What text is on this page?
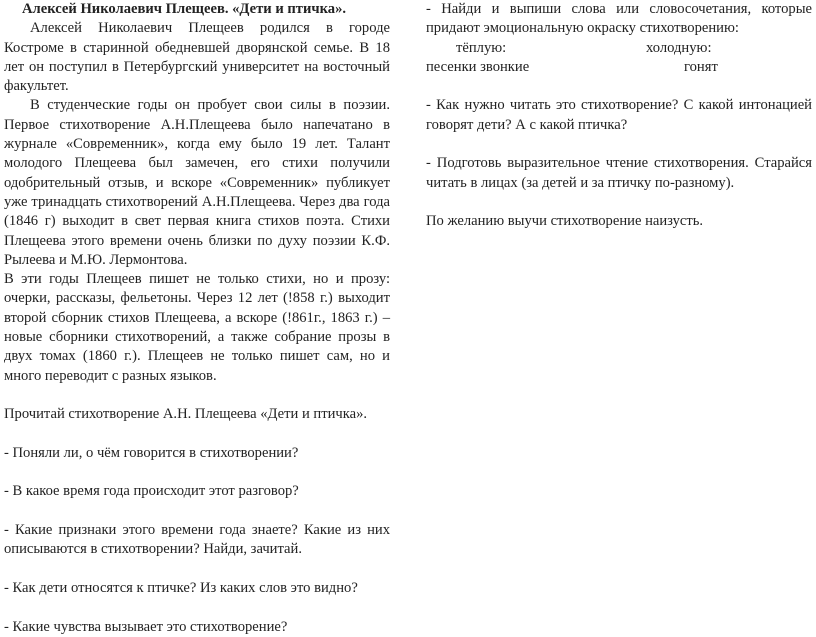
Алексей Николаевич Плещеев. «Дети и птичка».

Алексей Николаевич Плещеев родился в городе Костроме в старинной обедневшей дворянской семье. В 18 лет он поступил в Петербургский университет на восточный факультет.

В студенческие годы он пробует свои силы в поэзии. Первое стихотворение А.Н.Плещеева было напечатано в журнале «Современник», когда ему было 19 лет. Талант молодого Плещеева был замечен, его стихи получили одобрительный отзыв, и вскоре «Современник» публикует уже тринадцать стихотворений А.Н.Плещеева. Через два года (1846 г) выходит в свет первая книга стихов поэта. Стихи Плещеева этого времени очень близки по духу поэзии К.Ф. Рылеева и М.Ю. Лермонтова.

В эти годы Плещеев пишет не только стихи, но и прозу: очерки, рассказы, фельетоны. Через 12 лет (!858 г.) выходит второй сборник стихов Плещеева, а вскоре (!861г., 1863 г.) – новые сборники стихотворений, а также собрание прозы в двух томах (1860 г.). Плещеев не только пишет сам, но и много переводит с разных языков.

Прочитай стихотворение А.Н. Плещеева «Дети и птичка».

- Поняли ли, о чём говорится в стихотворении?

- В какое время года происходит этот разговор?

- Какие признаки этого времени года знаете? Какие из них описываются в стихотворении? Найди, зачитай.

- Как дети относятся к птичке? Из каких слов это видно?

- Какие чувства вызывает это стихотворение?

- Найди и выпиши слова или словосочетания, которые придают эмоциональную окраску стихотворению:

тёплую:	холодную:
песенки звонкие	гонят

- Как нужно читать это стихотворение? С какой интонацией говорят дети? А с какой птичка?

- Подготовь выразительное чтение стихотворения. Старайся читать в лицах (за детей и за птичку по-разному).

По желанию выучи стихотворение наизусть.
